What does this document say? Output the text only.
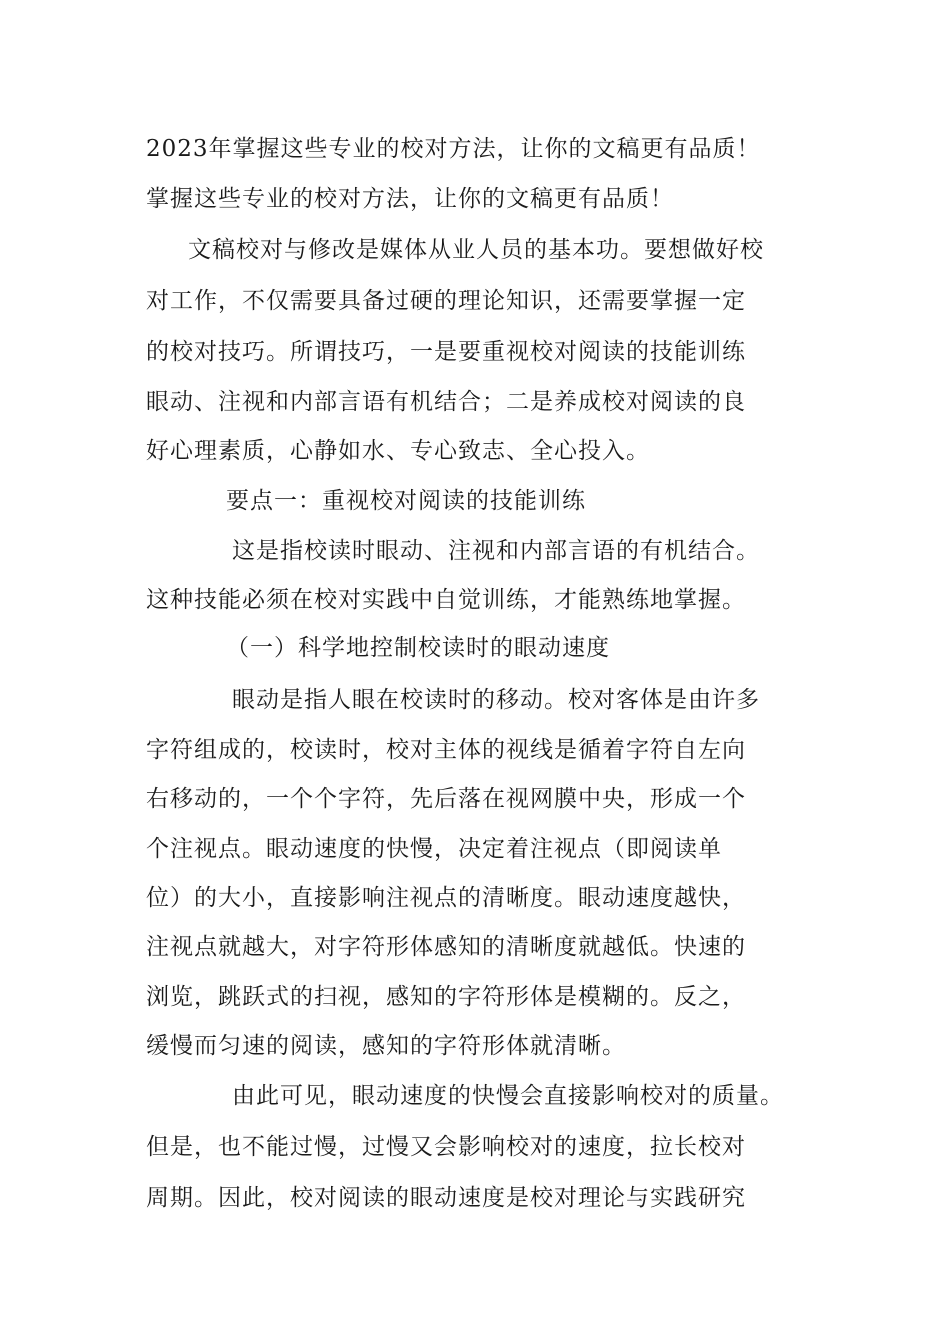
2023年掌握这些专业的校对方法，让你的文稿更有品质！
掌握这些专业的校对方法，让你的文稿更有品质！
文稿校对与修改是媒体从业人员的基本功。要想做好校
对工作，不仅需要具备过硬的理论知识，还需要掌握一定
的校对技巧。所谓技巧，一是要重视校对阅读的技能训练
眼动、注视和内部言语有机结合；二是养成校对阅读的良
好心理素质，心静如水、专心致志、全心投入。
要点一：重视校对阅读的技能训练
这是指校读时眼动、注视和内部言语的有机结合。
这种技能必须在校对实践中自觉训练，才能熟练地掌握。
（一）科学地控制校读时的眼动速度
眼动是指人眼在校读时的移动。校对客体是由许多
字符组成的，校读时，校对主体的视线是循着字符自左向
右移动的，一个个字符，先后落在视网膜中央，形成一个
个注视点。眼动速度的快慢，决定着注视点（即阅读单
位）的大小，直接影响注视点的清晰度。眼动速度越快，
注视点就越大，对字符形体感知的清晰度就越低。快速的
浏览，跳跃式的扫视，感知的字符形体是模糊的。反之，
缓慢而匀速的阅读，感知的字符形体就清晰。
由此可见，眼动速度的快慢会直接影响校对的质量。
但是，也不能过慢，过慢又会影响校对的速度，拉长校对
周期。因此，校对阅读的眼动速度是校对理论与实践研究
